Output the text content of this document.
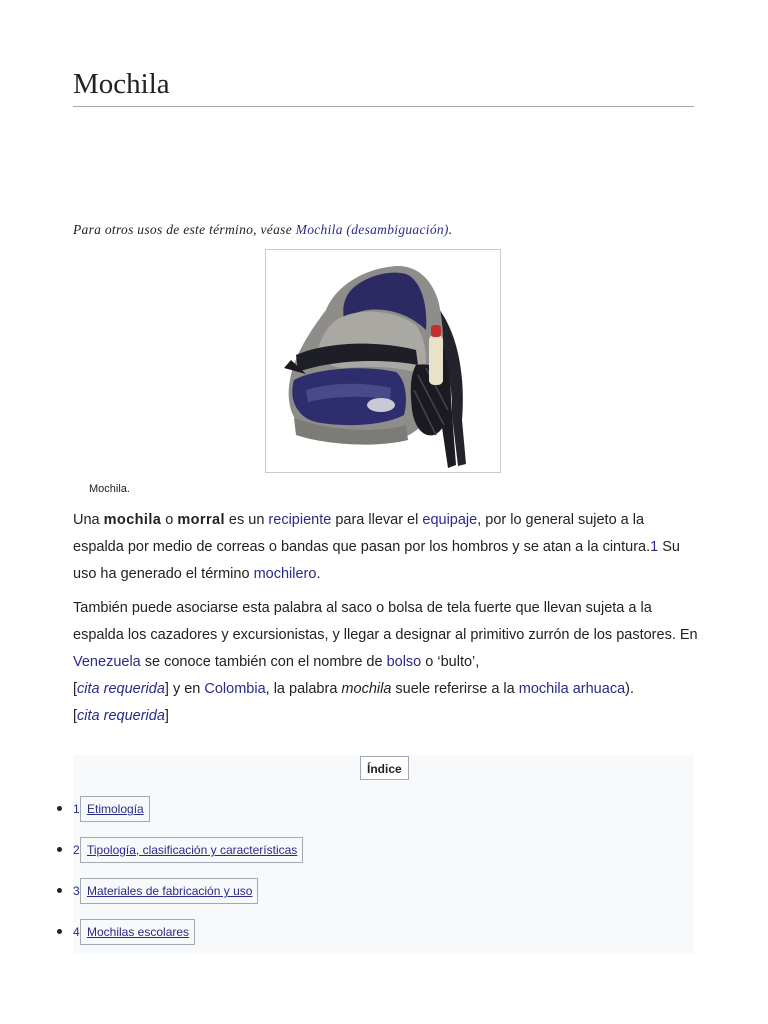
Mochila
Para otros usos de este término, véase Mochila (desambiguación).
Mochila.

Una mochila o morral es un recipiente para llevar el equipaje, por lo general sujeto a la espalda por medio de correas o bandas que pasan por los hombros y se atan a la cintura.1 Su uso ha generado el término mochilero.

También puede asociarse esta palabra al saco o bolsa de tela fuerte que llevan sujeta a la espalda los cazadores y excursionistas, y llegar a designar al primitivo zurrón de los pastores. En Venezuela se conoce también con el nombre de bolso o ‘bulto’,
[cita requerida] y en Colombia, la palabra mochila suele referirse a la mochila arhuaca).
[cita requerida]

Índice
1 Etimología
2 Tipología, clasificación y características
3 Materiales de fabricación y uso
4 Mochilas escolares
